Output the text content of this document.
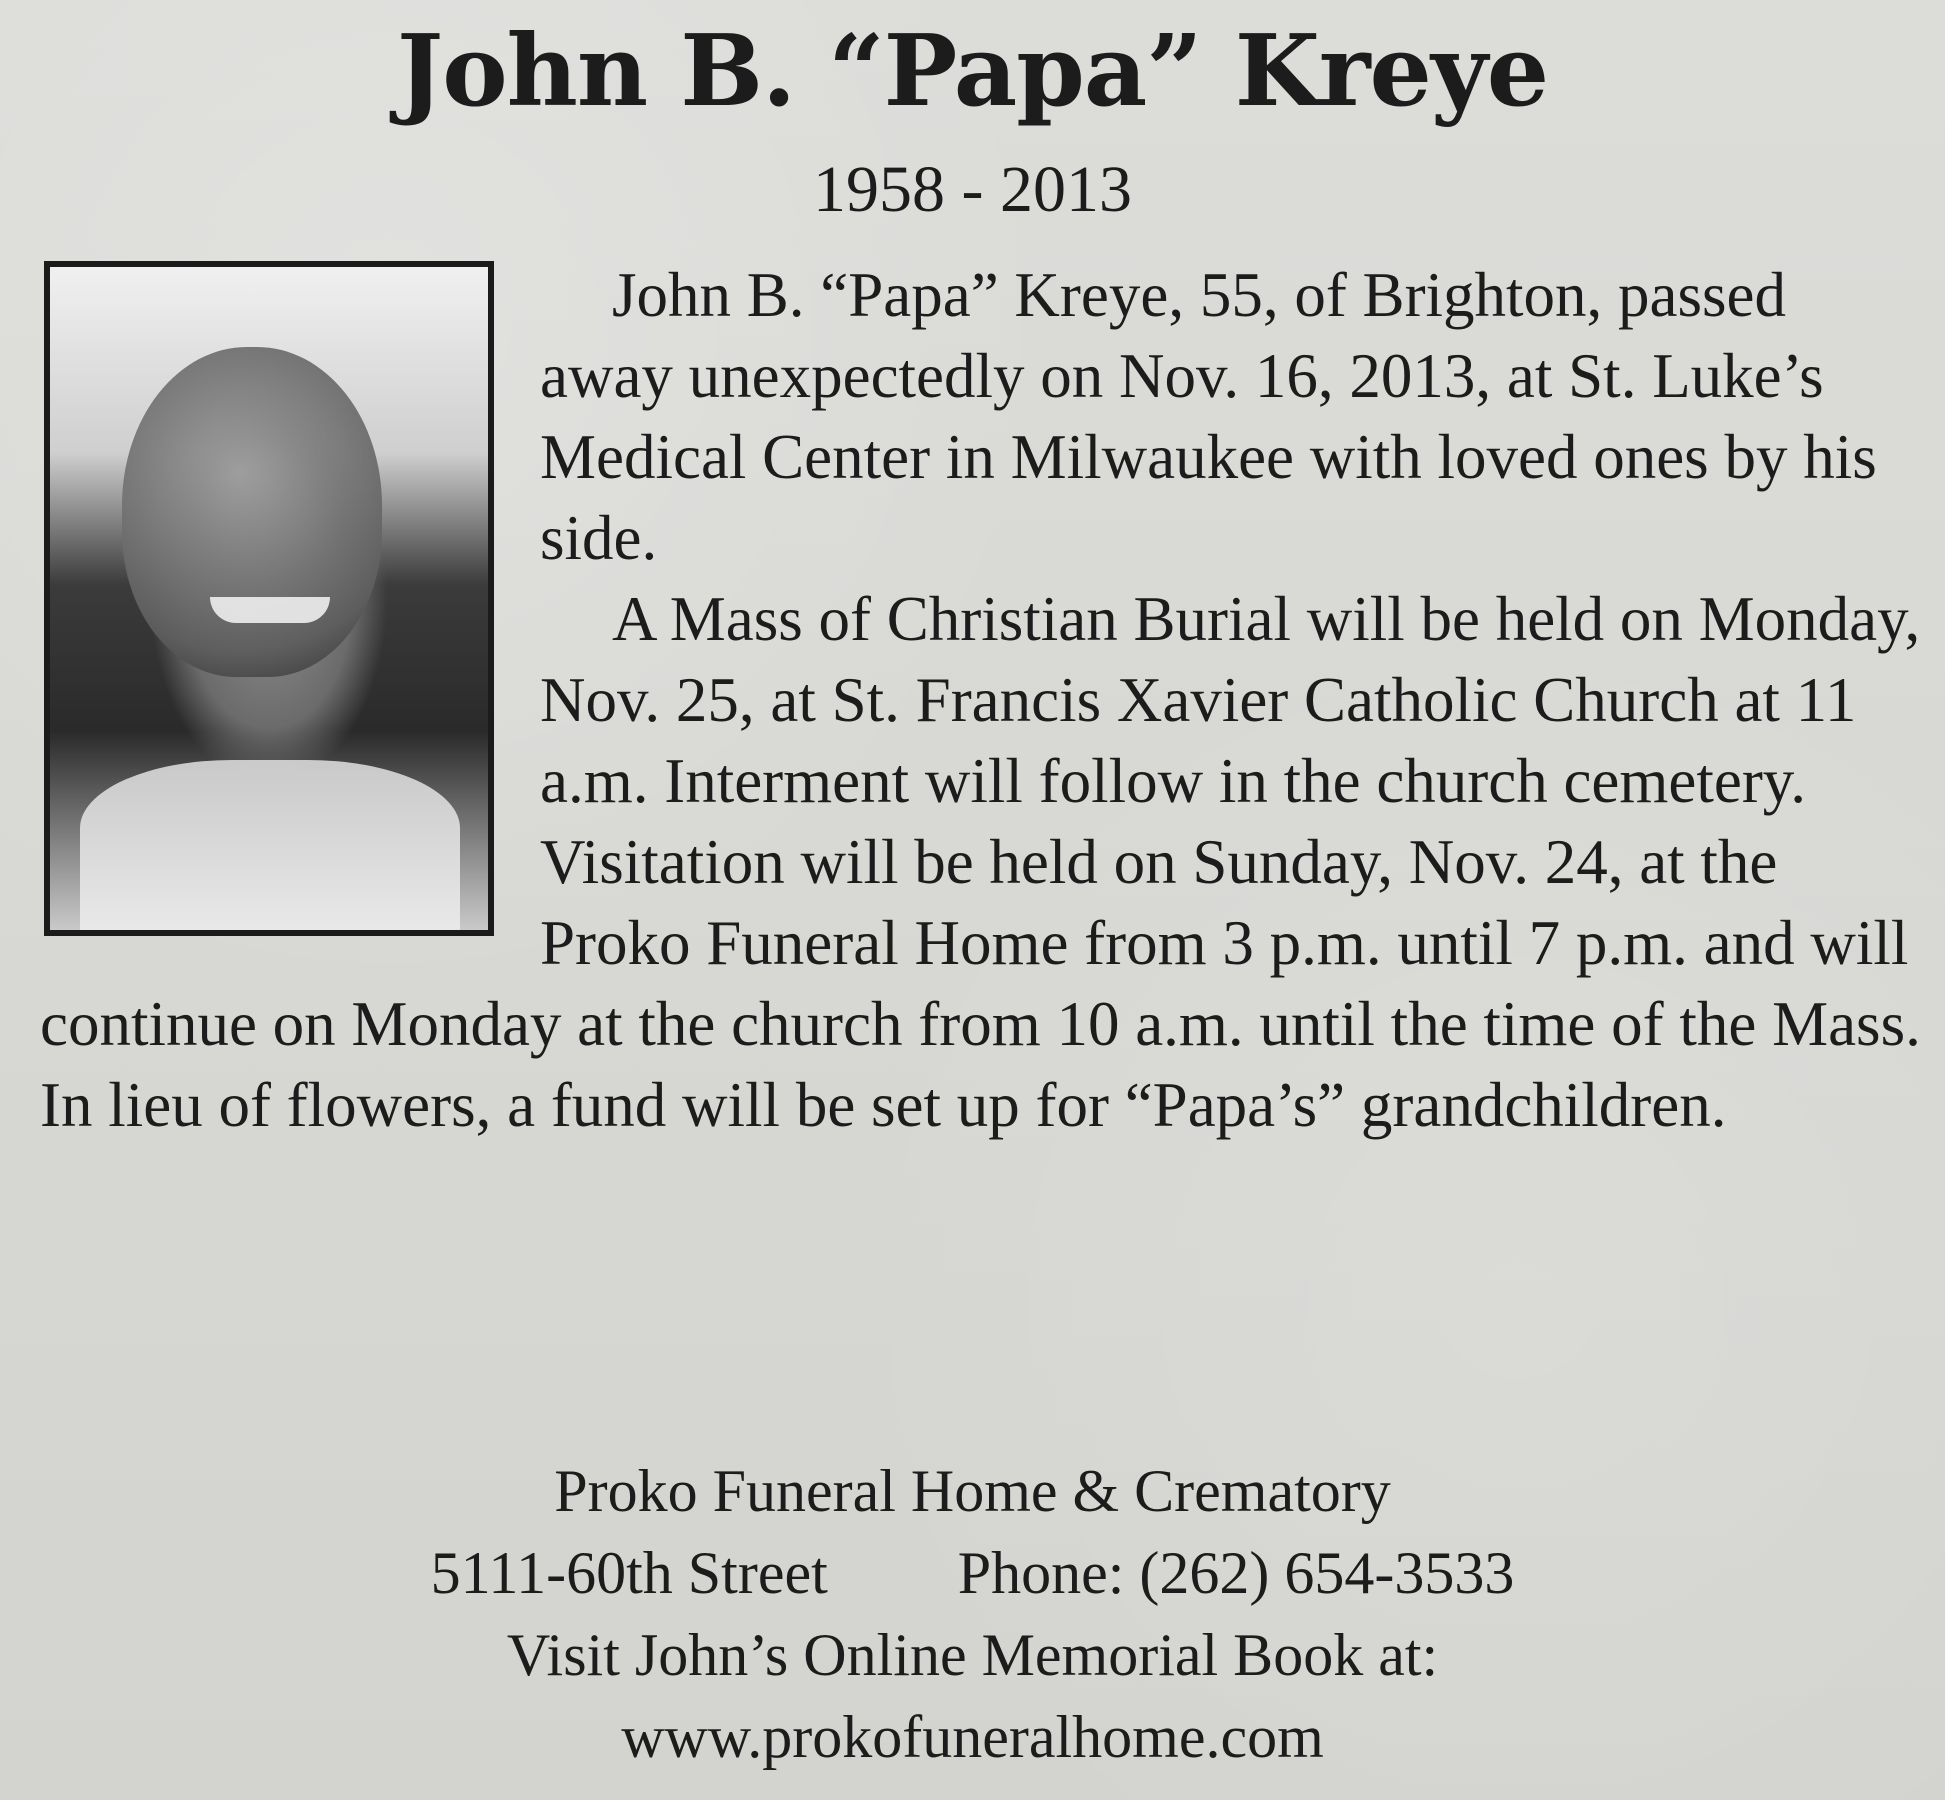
John B. “Papa” Kreye
1958 - 2013

John B. “Papa” Kreye, 55, of Brighton, passed away unexpectedly on Nov. 16, 2013, at St. Luke’s Medical Center in Milwaukee with loved ones by his side.

A Mass of Christian Burial will be held on Monday, Nov. 25, at St. Francis Xavier Catholic Church at 11 a.m. Interment will follow in the church cemetery. Visitation will be held on Sunday, Nov. 24, at the Proko Funeral Home from 3 p.m. until 7 p.m. and will continue on Monday at the church from 10 a.m. until the time of the Mass. In lieu of flowers, a fund will be set up for “Papa’s” grandchildren.

Proko Funeral Home & Crematory

5111-60th Street Phone: (262) 654-3533

Visit John’s Online Memorial Book at:

www.prokofuneralhome.com
